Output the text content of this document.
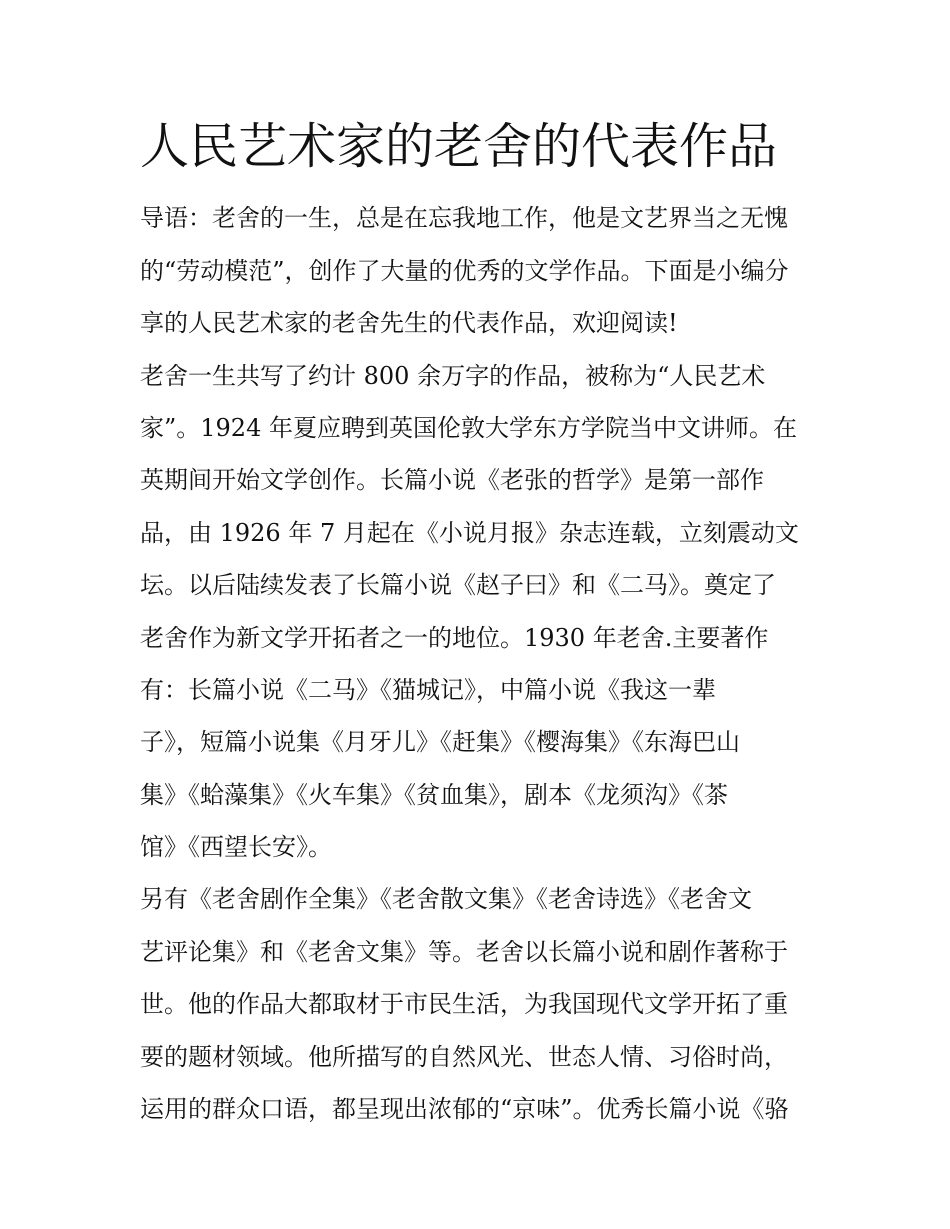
人民艺术家的老舍的代表作品

导语：老舍的一生，总是在忘我地工作，他是文艺界当之无愧

的“劳动模范”，创作了大量的优秀的文学作品。下面是小编分

享的人民艺术家的老舍先生的代表作品，欢迎阅读!

老舍一生共写了约计 800 余万字的作品，被称为“人民艺术

家”。1924 年夏应聘到英国伦敦大学东方学院当中文讲师。在

英期间开始文学创作。长篇小说《老张的哲学》是第一部作

品，由 1926 年 7 月起在《小说月报》杂志连载，立刻震动文

坛。以后陆续发表了长篇小说《赵子曰》和《二马》。奠定了

老舍作为新文学开拓者之一的地位。1930 年老舍.主要著作

有：长篇小说《二马》《猫城记》，中篇小说《我这一辈

子》，短篇小说集《月牙儿》《赶集》《樱海集》《东海巴山

集》《蛤藻集》《火车集》《贫血集》，剧本《龙须沟》《茶

馆》《西望长安》。

另有《老舍剧作全集》《老舍散文集》《老舍诗选》《老舍文

艺评论集》和《老舍文集》等。老舍以长篇小说和剧作著称于

世。他的作品大都取材于市民生活，为我国现代文学开拓了重

要的题材领域。他所描写的自然风光、世态人情、习俗时尚，

运用的群众口语，都呈现出浓郁的“京味”。优秀长篇小说《骆
